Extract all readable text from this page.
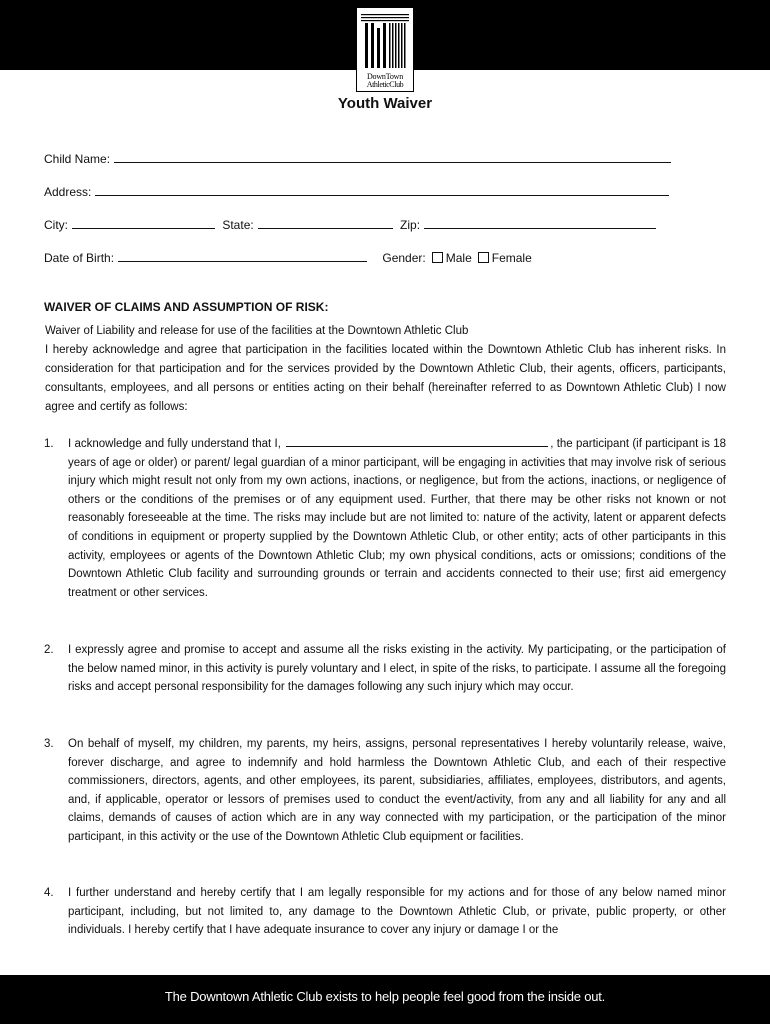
DownTown
AthleticClub
Youth Waiver
Child Name:
Address:
City:	State:	Zip:
Date of Birth:	Gender: Male Female
WAIVER OF CLAIMS AND ASSUMPTION OF RISK:

Waiver of Liability and release for use of the facilities at the Downtown Athletic Club

I hereby acknowledge and agree that participation in the facilities located within the Downtown Athletic Club has inherent risks. In consideration for that participation and for the services provided by the Downtown Athletic Club, their agents, officers, participants, consultants, employees, and all persons or entities acting on their behalf (hereinafter referred to as Downtown Athletic Club) I now agree and certify as follows:

1. I acknowledge and fully understand that I,	, the participant (if participant is 18 years of age or older) or parent/ legal guardian of a minor participant, will be engaging in activities that may involve risk of serious injury which might result not only from my own actions, inactions, or negligence, but from the actions, inactions, or negligence of others or the conditions of the premises or of any equipment used. Further, that there may be other risks not known or not reasonably foreseeable at the time. The risks may include but are not limited to: nature of the activity, latent or apparent defects of conditions in equipment or property supplied by the Downtown Athletic Club, or other entity; acts of other participants in this activity, employees or agents of the Downtown Athletic Club; my own physical conditions, acts or omissions; conditions of the Downtown Athletic Club facility and surrounding grounds or terrain and accidents connected to their use; first aid emergency treatment or other services.
2. I expressly agree and promise to accept and assume all the risks existing in the activity. My participating, or the participation of the below named minor, in this activity is purely voluntary and I elect, in spite of the risks, to participate. I assume all the foregoing risks and accept personal responsibility for the damages following any such injury which may occur.
3. On behalf of myself, my children, my parents, my heirs, assigns, personal representatives I hereby voluntarily release, waive, forever discharge, and agree to indemnify and hold harmless the Downtown Athletic Club, and each of their respective commissioners, directors, agents, and other employees, its parent, subsidiaries, affiliates, employees, distributors, and agents, and, if applicable, operator or lessors of premises used to conduct the event/activity, from any and all liability for any and all claims, demands of causes of action which are in any way connected with my participation, or the participation of the minor participant, in this activity or the use of the Downtown Athletic Club equipment or facilities.
4. I further understand and hereby certify that I am legally responsible for my actions and for those of any below named minor participant, including, but not limited to, any damage to the Downtown Athletic Club, or private, public property, or other individuals. I hereby certify that I have adequate insurance to cover any injury or damage I or the
The Downtown Athletic Club exists to help people feel good from the inside out.
